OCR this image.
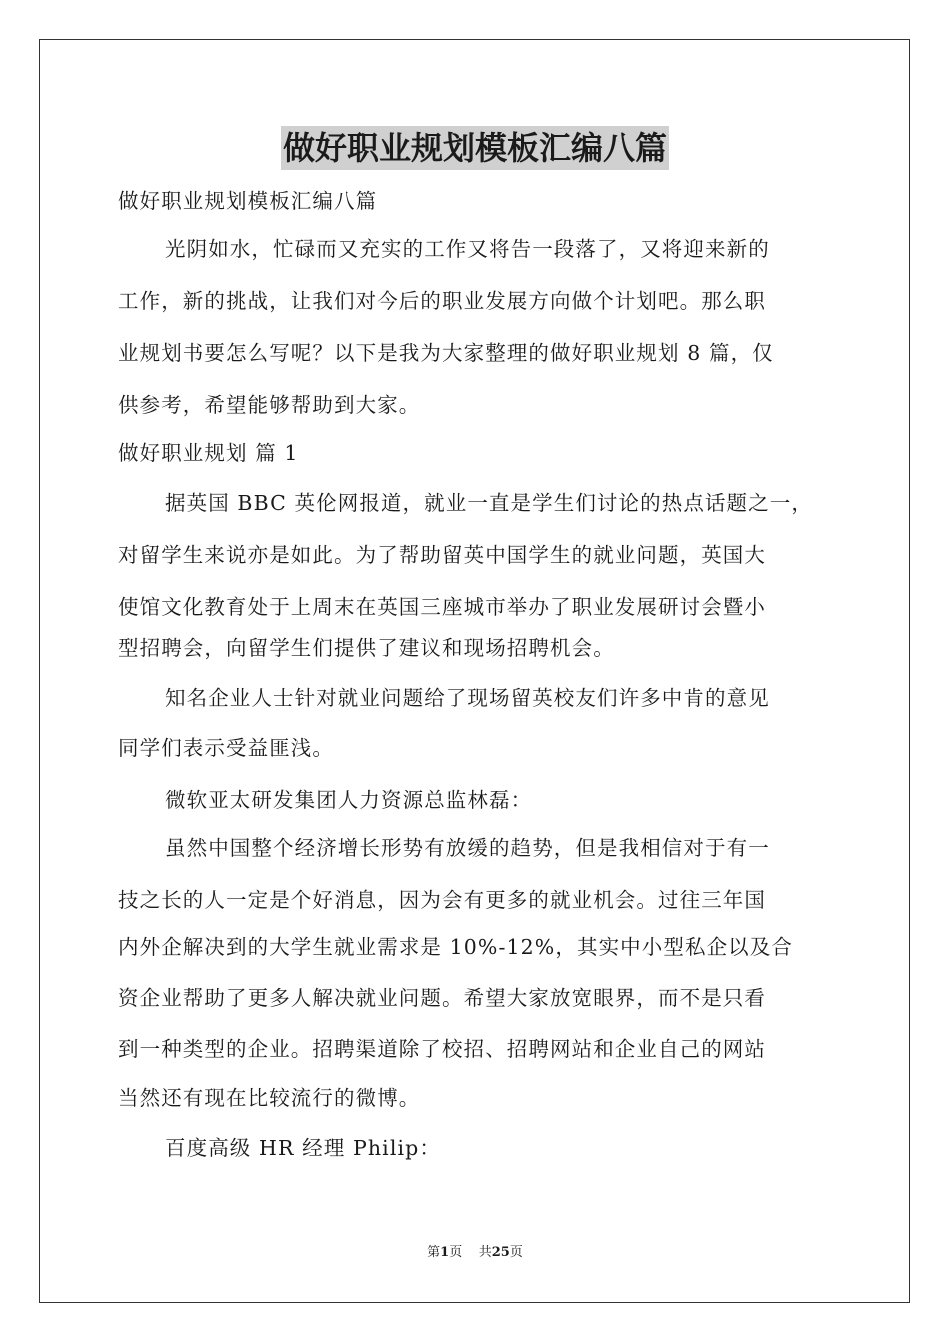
做好职业规划模板汇编八篇
做好职业规划模板汇编八篇
光阴如水，忙碌而又充实的工作又将告一段落了，又将迎来新的
工作，新的挑战，让我们对今后的职业发展方向做个计划吧。那么职
业规划书要怎么写呢？以下是我为大家整理的做好职业规划 8 篇，仅
供参考，希望能够帮助到大家。
做好职业规划 篇 1
据英国 BBC 英伦网报道，就业一直是学生们讨论的热点话题之一，
对留学生来说亦是如此。为了帮助留英中国学生的就业问题，英国大
使馆文化教育处于上周末在英国三座城市举办了职业发展研讨会暨小
型招聘会，向留学生们提供了建议和现场招聘机会。
知名企业人士针对就业问题给了现场留英校友们许多中肯的意见
同学们表示受益匪浅。
微软亚太研发集团人力资源总监林磊：
虽然中国整个经济增长形势有放缓的趋势，但是我相信对于有一
技之长的人一定是个好消息，因为会有更多的就业机会。过往三年国
内外企解决到的大学生就业需求是 10%-12%，其实中小型私企以及合
资企业帮助了更多人解决就业问题。希望大家放宽眼界，而不是只看
到一种类型的企业。招聘渠道除了校招、招聘网站和企业自己的网站
当然还有现在比较流行的微博。
百度高级 HR 经理 Philip：
第1页 共25页
